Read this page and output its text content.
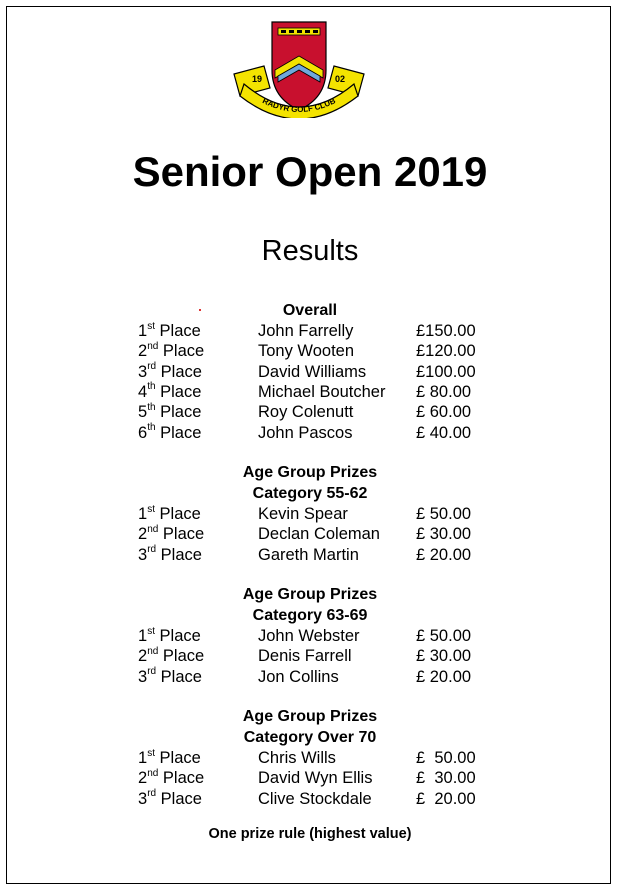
19	02
RADYR GOLF CLUB
Senior Open 2019
Results
Overall
1st Place	John Farrelly	£150.00
2nd Place	Tony Wooten	£120.00
3rd Place	David Williams	£100.00
4th Place	Michael Boutcher £ 80.00
5th Place	Roy Colenutt	£ 60.00
6th Place	John Pascos	£ 40.00
Age Group Prizes
Category 55-62
1st Place	Kevin Spear	£ 50.00
2nd Place	Declan Coleman £ 30.00
3rd Place	Gareth Martin	£ 20.00
Age Group Prizes
Category 63-69
1st Place	John Webster	£ 50.00
2nd Place	Denis Farrell	£ 30.00
3rd Place	Jon Collins	£ 20.00
Age Group Prizes
Category Over 70
1st Place	Chris Wills	£  50.00
2nd Place	David Wyn Ellis	£  30.00
3rd Place	Clive Stockdale	£  20.00
One prize rule (highest value)
